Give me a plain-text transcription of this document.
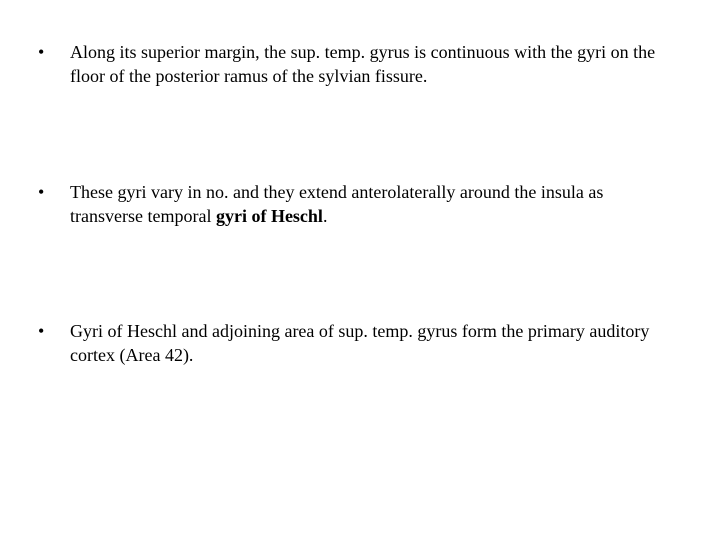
•	Along its superior margin, the sup. temp. gyrus is continuous with the gyri on the floor of the posterior ramus of the sylvian fissure.
•	These gyri vary in no. and they extend anterolaterally around the insula as transverse temporal gyri of Heschl.
•	Gyri of Heschl and adjoining area of sup. temp. gyrus form the primary auditory cortex (Area 42).
